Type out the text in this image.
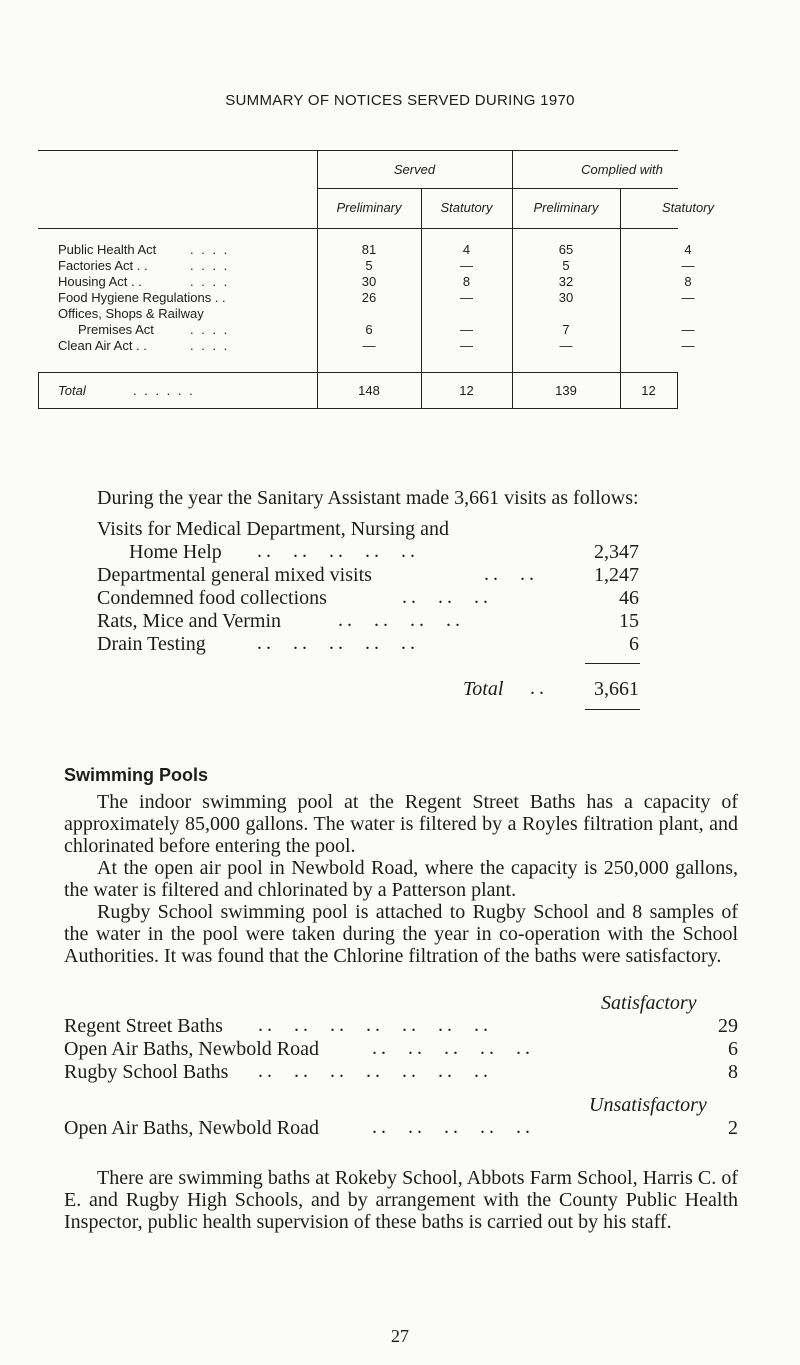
SUMMARY OF NOTICES SERVED DURING 1970
Served	Complied with
Preliminary	Statutory	Preliminary	Statutory
Public Health Act	. . . .	81	4	65	4
Factories Act . .	. . . .	5	—	5	—
Housing Act . .	. . . .	30	8	32	8
Food Hygiene Regulations . .	26	—	30	—
Offices, Shops & Railway
Premises Act	. . . .	6	—	7	—
Clean Air Act . .	. . . .	—	—	—	—
Total	. . . . . .	148	12	139	12
During the year the Sanitary Assistant made 3,661 visits as follows:
Visits for Medical Department, Nursing and
Home Help ..  ..  ..  ..  ..	2,347
Departmental general mixed visits	..  ..	1,247
Condemned food collections	..  ..  ..	46
Rats, Mice and Vermin	..  ..  ..  ..	15
Drain Testing	..  ..  ..  ..  ..	6
Total ..	3,661
Swimming Pools

The indoor swimming pool at the Regent Street Baths has a capacity of approximately 85,000 gallons. The water is filtered by a Royles filtration plant, and chlorinated before entering the pool.

At the open air pool in Newbold Road, where the capacity is 250,000 gallons, the water is filtered and chlorinated by a Patterson plant.

Rugby School swimming pool is attached to Rugby School and 8 samples of the water in the pool were taken during the year in co-operation with the School Authorities. It was found that the Chlorine filtration of the baths were satisfactory.

Satisfactory
Regent Street Baths ..  ..  ..  ..  ..  ..  ..	29
Open Air Baths, Newbold Road	..  ..  ..  ..  ..	6
Rugby School Baths ..  ..  ..  ..  ..  ..  ..	8
Unsatisfactory
Open Air Baths, Newbold Road	..  ..  ..  ..  ..	2

There are swimming baths at Rokeby School, Abbots Farm School, Harris C. of E. and Rugby High Schools, and by arrangement with the County Public Health Inspector, public health supervision of these baths is carried out by his staff.

27
